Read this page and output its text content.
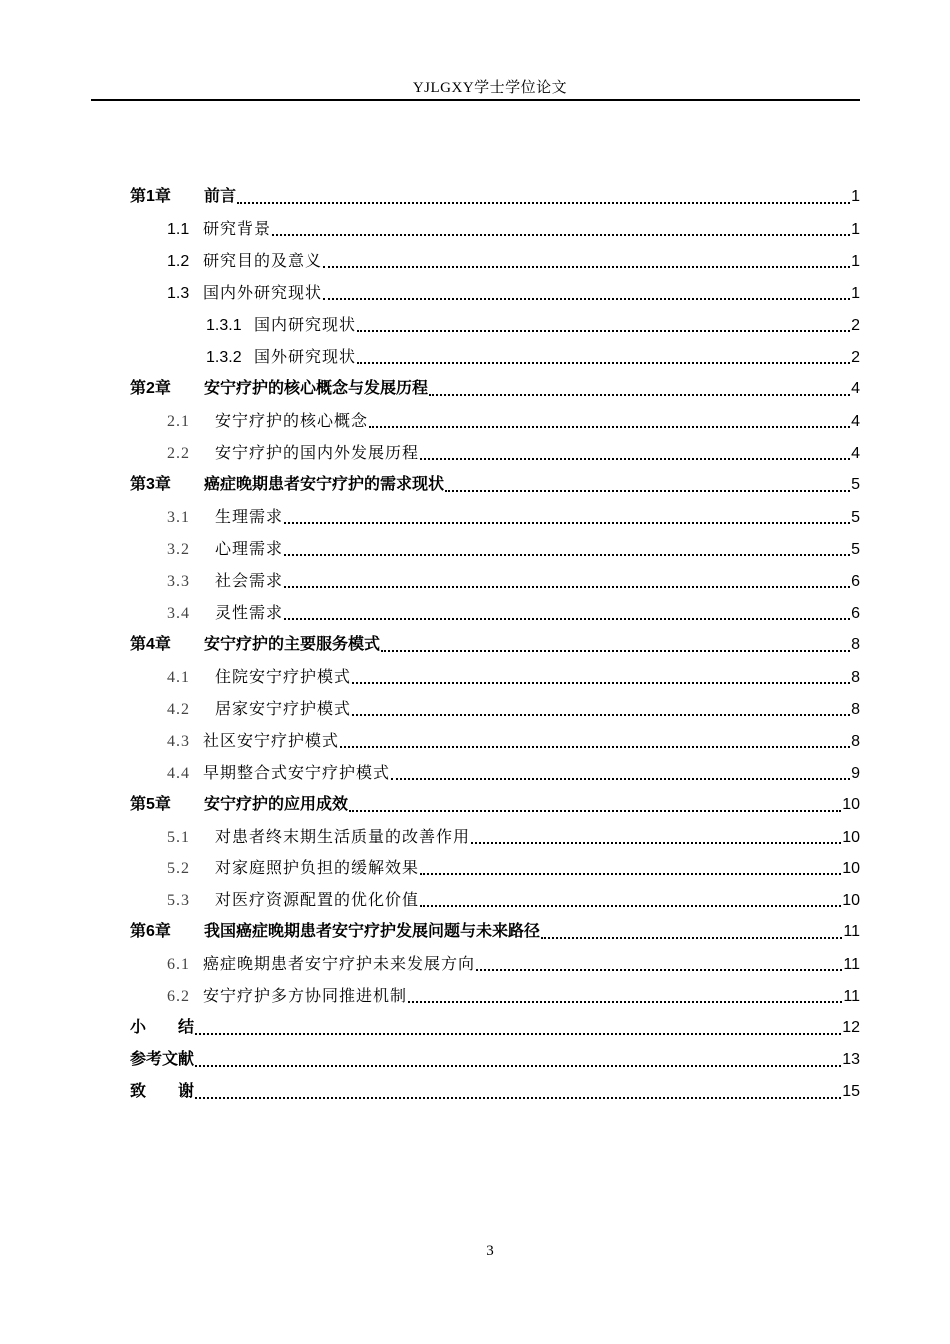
YJLGXY学士学位论文
第1章	前言	1
1.1 研究背景	1
1.2 研究目的及意义	1
1.3 国内外研究现状	1
1.3.1 国内研究现状	2
1.3.2 国外研究现状	2
第2章	安宁疗护的核心概念与发展历程	4
2.1	安宁疗护的核心概念	4
2.2	安宁疗护的国内外发展历程	4
第3章	癌症晚期患者安宁疗护的需求现状	5
3.1	生理需求	5
3.2	心理需求	5
3.3	社会需求	6
3.4	灵性需求	6
第4章	安宁疗护的主要服务模式	8
4.1	住院安宁疗护模式	8
4.2	居家安宁疗护模式	8
4.3 社区安宁疗护模式	8
4.4 早期整合式安宁疗护模式	9
第5章	安宁疗护的应用成效	10
5.1	对患者终末期生活质量的改善作用	10
5.2	对家庭照护负担的缓解效果	10
5.3	对医疗资源配置的优化价值	10
第6章	我国癌症晚期患者安宁疗护发展问题与未来路径	11
6.1 癌症晚期患者安宁疗护未来发展方向	11
6.2 安宁疗护多方协同推进机制	11
小　　结	12
参考文献	13
致　　谢	15
3
